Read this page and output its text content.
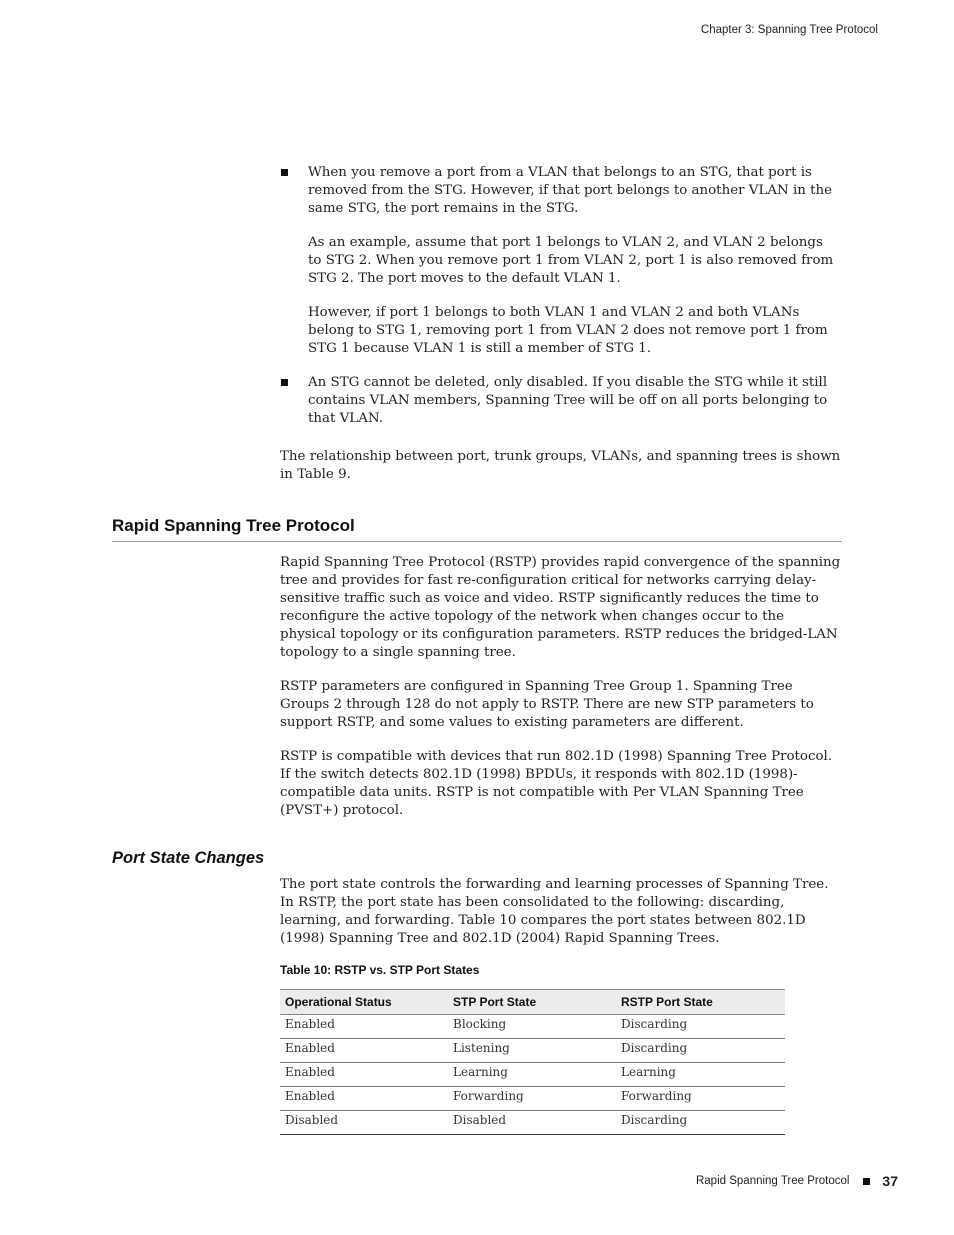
Chapter 3: Spanning Tree Protocol

When you remove a port from a VLAN that belongs to an STG, that port is removed from the STG. However, if that port belongs to another VLAN in the same STG, the port remains in the STG.

As an example, assume that port 1 belongs to VLAN 2, and VLAN 2 belongs to STG 2. When you remove port 1 from VLAN 2, port 1 is also removed from STG 2. The port moves to the default VLAN 1.

However, if port 1 belongs to both VLAN 1 and VLAN 2 and both VLANs belong to STG 1, removing port 1 from VLAN 2 does not remove port 1 from STG 1 because VLAN 1 is still a member of STG 1.

An STG cannot be deleted, only disabled. If you disable the STG while it still contains VLAN members, Spanning Tree will be off on all ports belonging to that VLAN.

The relationship between port, trunk groups, VLANs, and spanning trees is shown in Table 9.

Rapid Spanning Tree Protocol

Rapid Spanning Tree Protocol (RSTP) provides rapid convergence of the spanning tree and provides for fast re-configuration critical for networks carrying delay-sensitive traffic such as voice and video. RSTP significantly reduces the time to reconfigure the active topology of the network when changes occur to the physical topology or its configuration parameters. RSTP reduces the bridged-LAN topology to a single spanning tree.

RSTP parameters are configured in Spanning Tree Group 1. Spanning Tree Groups 2 through 128 do not apply to RSTP. There are new STP parameters to support RSTP, and some values to existing parameters are different.

RSTP is compatible with devices that run 802.1D (1998) Spanning Tree Protocol. If the switch detects 802.1D (1998) BPDUs, it responds with 802.1D (1998)-compatible data units. RSTP is not compatible with Per VLAN Spanning Tree (PVST+) protocol.

Port State Changes

The port state controls the forwarding and learning processes of Spanning Tree. In RSTP, the port state has been consolidated to the following: discarding, learning, and forwarding. Table 10 compares the port states between 802.1D (1998) Spanning Tree and 802.1D (2004) Rapid Spanning Trees.

Table 10: RSTP vs. STP Port States
Operational Status	STP Port State	RSTP Port State
Enabled	Blocking	Discarding
Enabled	Listening	Discarding
Enabled	Learning	Learning
Enabled	Forwarding	Forwarding
Disabled	Disabled	Discarding
Rapid Spanning Tree Protocol 37
